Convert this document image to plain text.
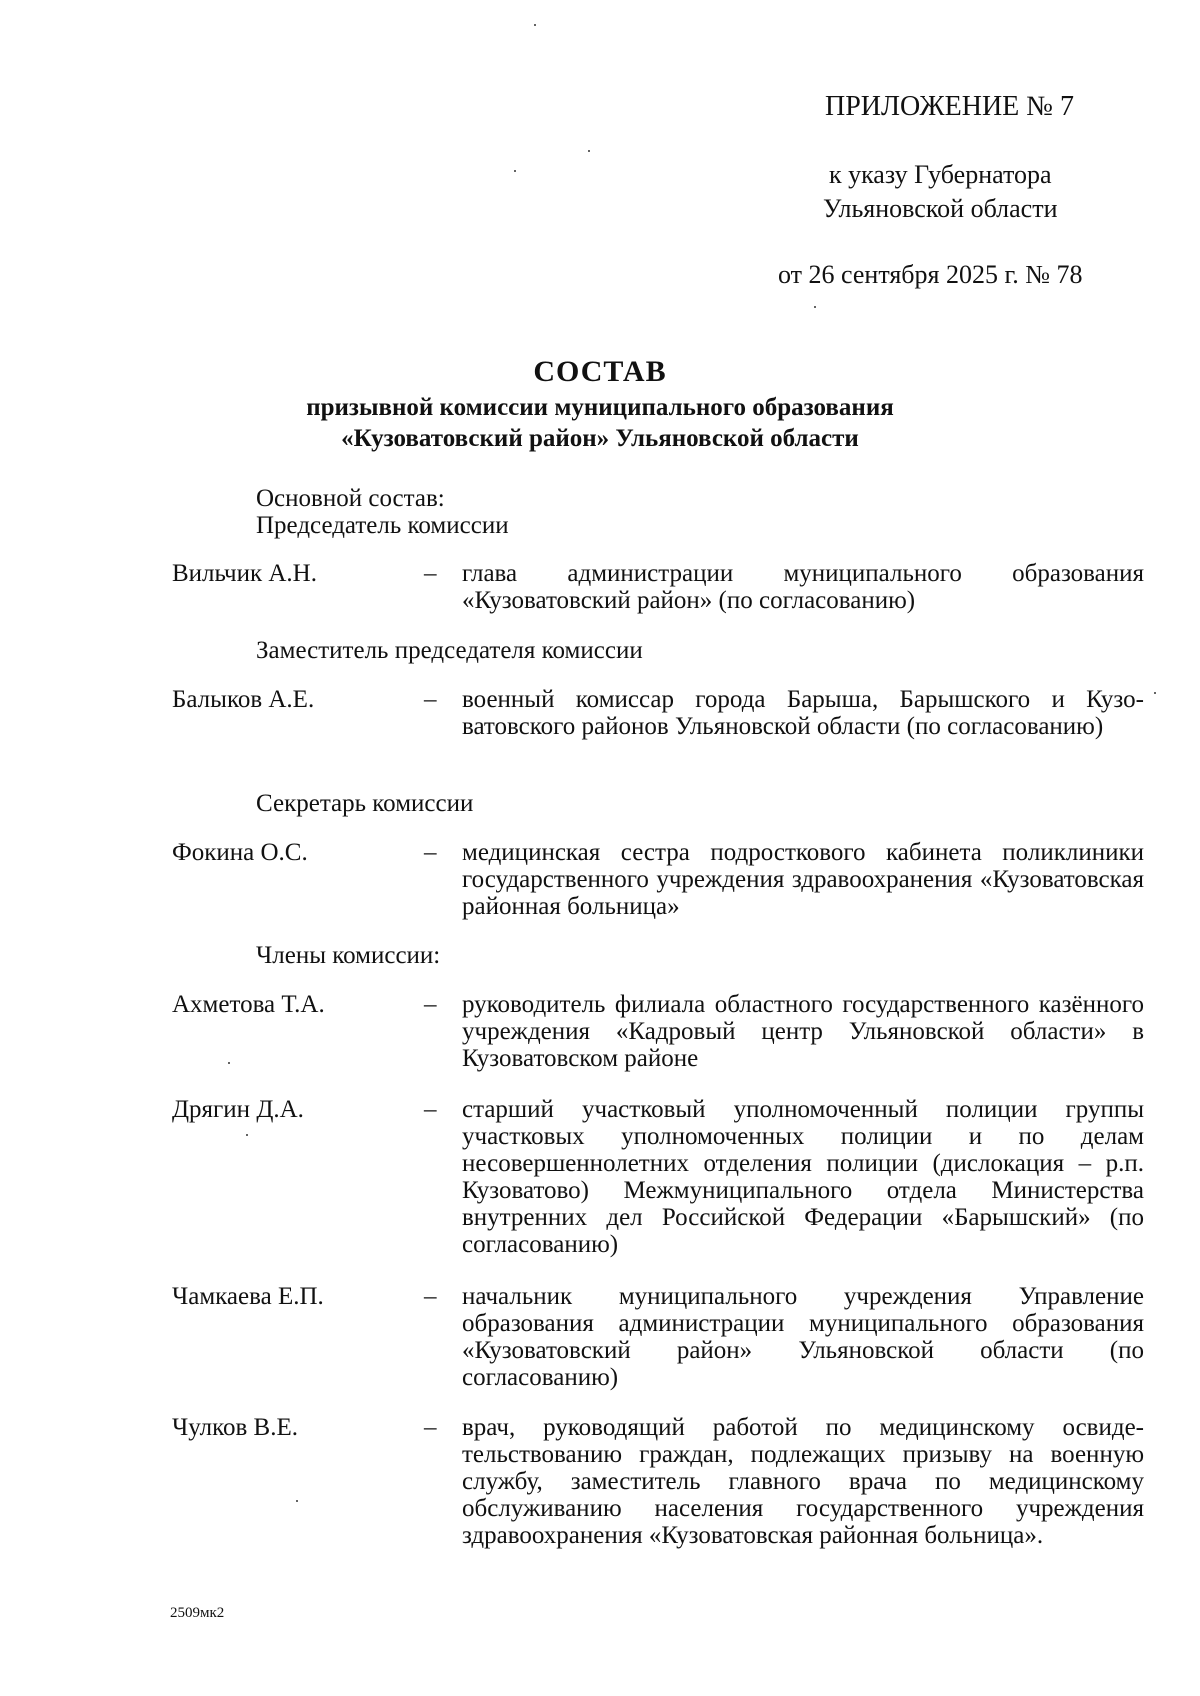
ПРИЛОЖЕНИЕ № 7
к указу Губернатора
Ульяновской области
от 26 сентября 2025 г. № 78
СОСТАВ
призывной комиссии муниципального образования
«Кузоватовский район» Ульяновской области
Основной состав:
Председатель комиссии
Вильчик А.Н.	– глава администрации муниципального образования «Кузоватовский район» (по согласованию)
Заместитель председателя комиссии
Балыков А.Е.	– военный комиссар города Барыша, Барышского и Кузоватовского районов Ульяновской области (по согласованию)
Секретарь комиссии
Фокина О.С.	– медицинская сестра подросткового кабинета поликлиники государственного учреждения здравоохранения «Кузоватовская районная больница»
Члены комиссии:
Ахметова Т.А.	– руководитель филиала областного государственного казённого учреждения «Кадровый центр Ульяновской области» в Кузоватовском районе
Дрягин Д.А.	– старший участковый уполномоченный полиции группы участковых уполномоченных полиции и по делам несовершеннолетних отделения полиции (дислокация – р.п. Кузоватово) Межмуниципального отдела Министерства внутренних дел Российской Федерации «Барышский» (по согласованию)
Чамкаева Е.П.	– начальник муниципального учреждения Управление образования администрации муниципального образования «Кузоватовский район» Ульяновской области (по согласованию)
Чулков В.Е.	– врач, руководящий работой по медицинскому освидетельствованию граждан, подлежащих призыву на военную службу, заместитель главного врача по медицинскому обслуживанию населения государственного учреждения здравоохранения «Кузоватовская районная больница».
2509мк2
